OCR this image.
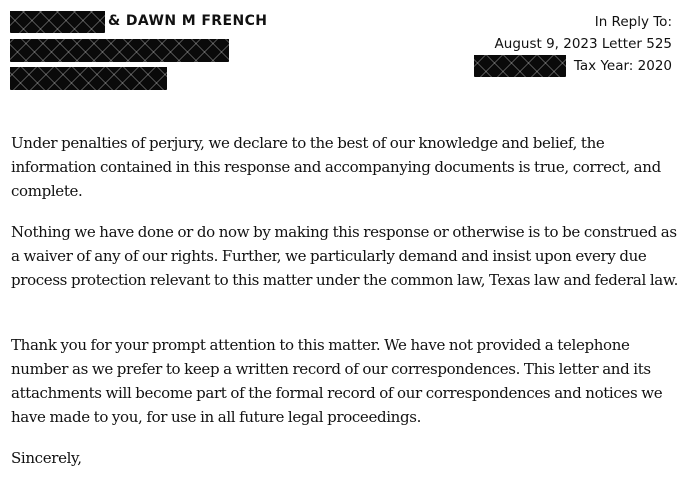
& DAWN M FRENCH	In Reply To:
August 9, 2023 Letter 525
Tax Year: 2020

Under penalties of perjury, we declare to the best of our knowledge and belief, the information contained in this response and accompanying documents is true, correct, and complete.

Nothing we have done or do now by making this response or otherwise is to be construed as a waiver of any of our rights. Further, we particularly demand and insist upon every due process protection relevant to this matter under the common law, Texas law and federal law.

Thank you for your prompt attention to this matter. We have not provided a telephone number as we prefer to keep a written record of our correspondences. This letter and its attachments will become part of the formal record of our correspondences and notices we have made to you, for use in all future legal proceedings.

Sincerely,
